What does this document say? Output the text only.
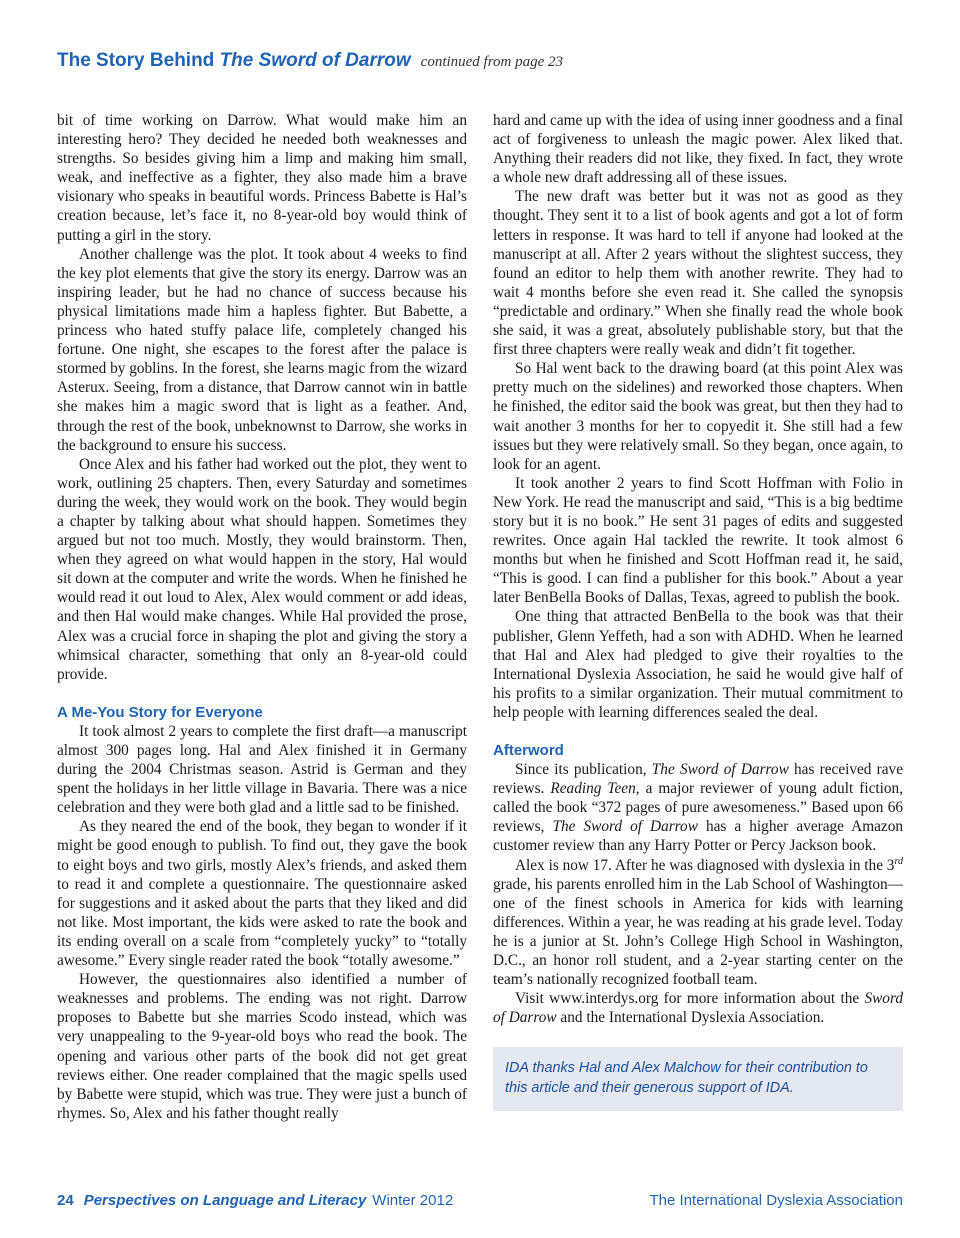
The Story Behind The Sword of Darrow continued from page 23

bit of time working on Darrow. What would make him an interesting hero? They decided he needed both weaknesses and strengths. So besides giving him a limp and making him small, weak, and ineffective as a fighter, they also made him a brave visionary who speaks in beautiful words. Princess Babette is Hal’s creation because, let’s face it, no 8-year-old boy would think of putting a girl in the story.

Another challenge was the plot. It took about 4 weeks to find the key plot elements that give the story its energy. Darrow was an inspiring leader, but he had no chance of success because his physical limitations made him a hapless fighter. But Babette, a princess who hated stuffy palace life, completely changed his fortune. One night, she escapes to the forest after the palace is stormed by goblins. In the forest, she learns magic from the wizard Asterux. Seeing, from a distance, that Darrow cannot win in battle she makes him a magic sword that is light as a feather. And, through the rest of the book, unbeknownst to Darrow, she works in the background to ensure his success.

Once Alex and his father had worked out the plot, they went to work, outlining 25 chapters. Then, every Saturday and sometimes during the week, they would work on the book. They would begin a chapter by talking about what should happen. Sometimes they argued but not too much. Mostly, they would brainstorm. Then, when they agreed on what would happen in the story, Hal would sit down at the computer and write the words. When he finished he would read it out loud to Alex, Alex would comment or add ideas, and then Hal would make changes. While Hal provided the prose, Alex was a crucial force in shaping the plot and giving the story a whimsical character, something that only an 8-year-old could provide.

A Me-You Story for Everyone

It took almost 2 years to complete the first draft—a manuscript almost 300 pages long. Hal and Alex finished it in Germany during the 2004 Christmas season. Astrid is German and they spent the holidays in her little village in Bavaria. There was a nice celebration and they were both glad and a little sad to be finished.

As they neared the end of the book, they began to wonder if it might be good enough to publish. To find out, they gave the book to eight boys and two girls, mostly Alex’s friends, and asked them to read it and complete a questionnaire. The questionnaire asked for suggestions and it asked about the parts that they liked and did not like. Most important, the kids were asked to rate the book and its ending overall on a scale from “completely yucky” to “totally awesome.” Every single reader rated the book “totally awesome.”

However, the questionnaires also identified a number of weaknesses and problems. The ending was not right. Darrow proposes to Babette but she marries Scodo instead, which was very unappealing to the 9-year-old boys who read the book. The opening and various other parts of the book did not get great reviews either. One reader complained that the magic spells used by Babette were stupid, which was true. They were just a bunch of rhymes. So, Alex and his father thought really

hard and came up with the idea of using inner goodness and a final act of forgiveness to unleash the magic power. Alex liked that. Anything their readers did not like, they fixed. In fact, they wrote a whole new draft addressing all of these issues.

The new draft was better but it was not as good as they thought. They sent it to a list of book agents and got a lot of form letters in response. It was hard to tell if anyone had looked at the manuscript at all. After 2 years without the slightest success, they found an editor to help them with another rewrite. They had to wait 4 months before she even read it. She called the synopsis “predictable and ordinary.” When she finally read the whole book she said, it was a great, absolutely publishable story, but that the first three chapters were really weak and didn’t fit together.

So Hal went back to the drawing board (at this point Alex was pretty much on the sidelines) and reworked those chapters. When he finished, the editor said the book was great, but then they had to wait another 3 months for her to copyedit it. She still had a few issues but they were relatively small. So they began, once again, to look for an agent.

It took another 2 years to find Scott Hoffman with Folio in New York. He read the manuscript and said, “This is a big bedtime story but it is no book.” He sent 31 pages of edits and suggested rewrites. Once again Hal tackled the rewrite. It took almost 6 months but when he finished and Scott Hoffman read it, he said, “This is good. I can find a publisher for this book.” About a year later BenBella Books of Dallas, Texas, agreed to publish the book.

One thing that attracted BenBella to the book was that their publisher, Glenn Yeffeth, had a son with ADHD. When he learned that Hal and Alex had pledged to give their royalties to the International Dyslexia Association, he said he would give half of his profits to a similar organization. Their mutual commitment to help people with learning differences sealed the deal.

Afterword

Since its publication, The Sword of Darrow has received rave reviews. Reading Teen, a major reviewer of young adult fiction, called the book “372 pages of pure awesomeness.” Based upon 66 reviews, The Sword of Darrow has a higher average Amazon customer review than any Harry Potter or Percy Jackson book.

Alex is now 17. After he was diagnosed with dyslexia in the 3rd grade, his parents enrolled him in the Lab School of Washington—one of the finest schools in America for kids with learning differences. Within a year, he was reading at his grade level. Today he is a junior at St. John’s College High School in Washington, D.C., an honor roll student, and a 2-year starting center on the team’s nationally recognized football team.

Visit www.interdys.org for more information about the Sword of Darrow and the International Dyslexia Association.

IDA thanks Hal and Alex Malchow for their contribution to this article and their generous support of IDA.
24 Perspectives on Language and Literacy Winter 2012	The International Dyslexia Association
